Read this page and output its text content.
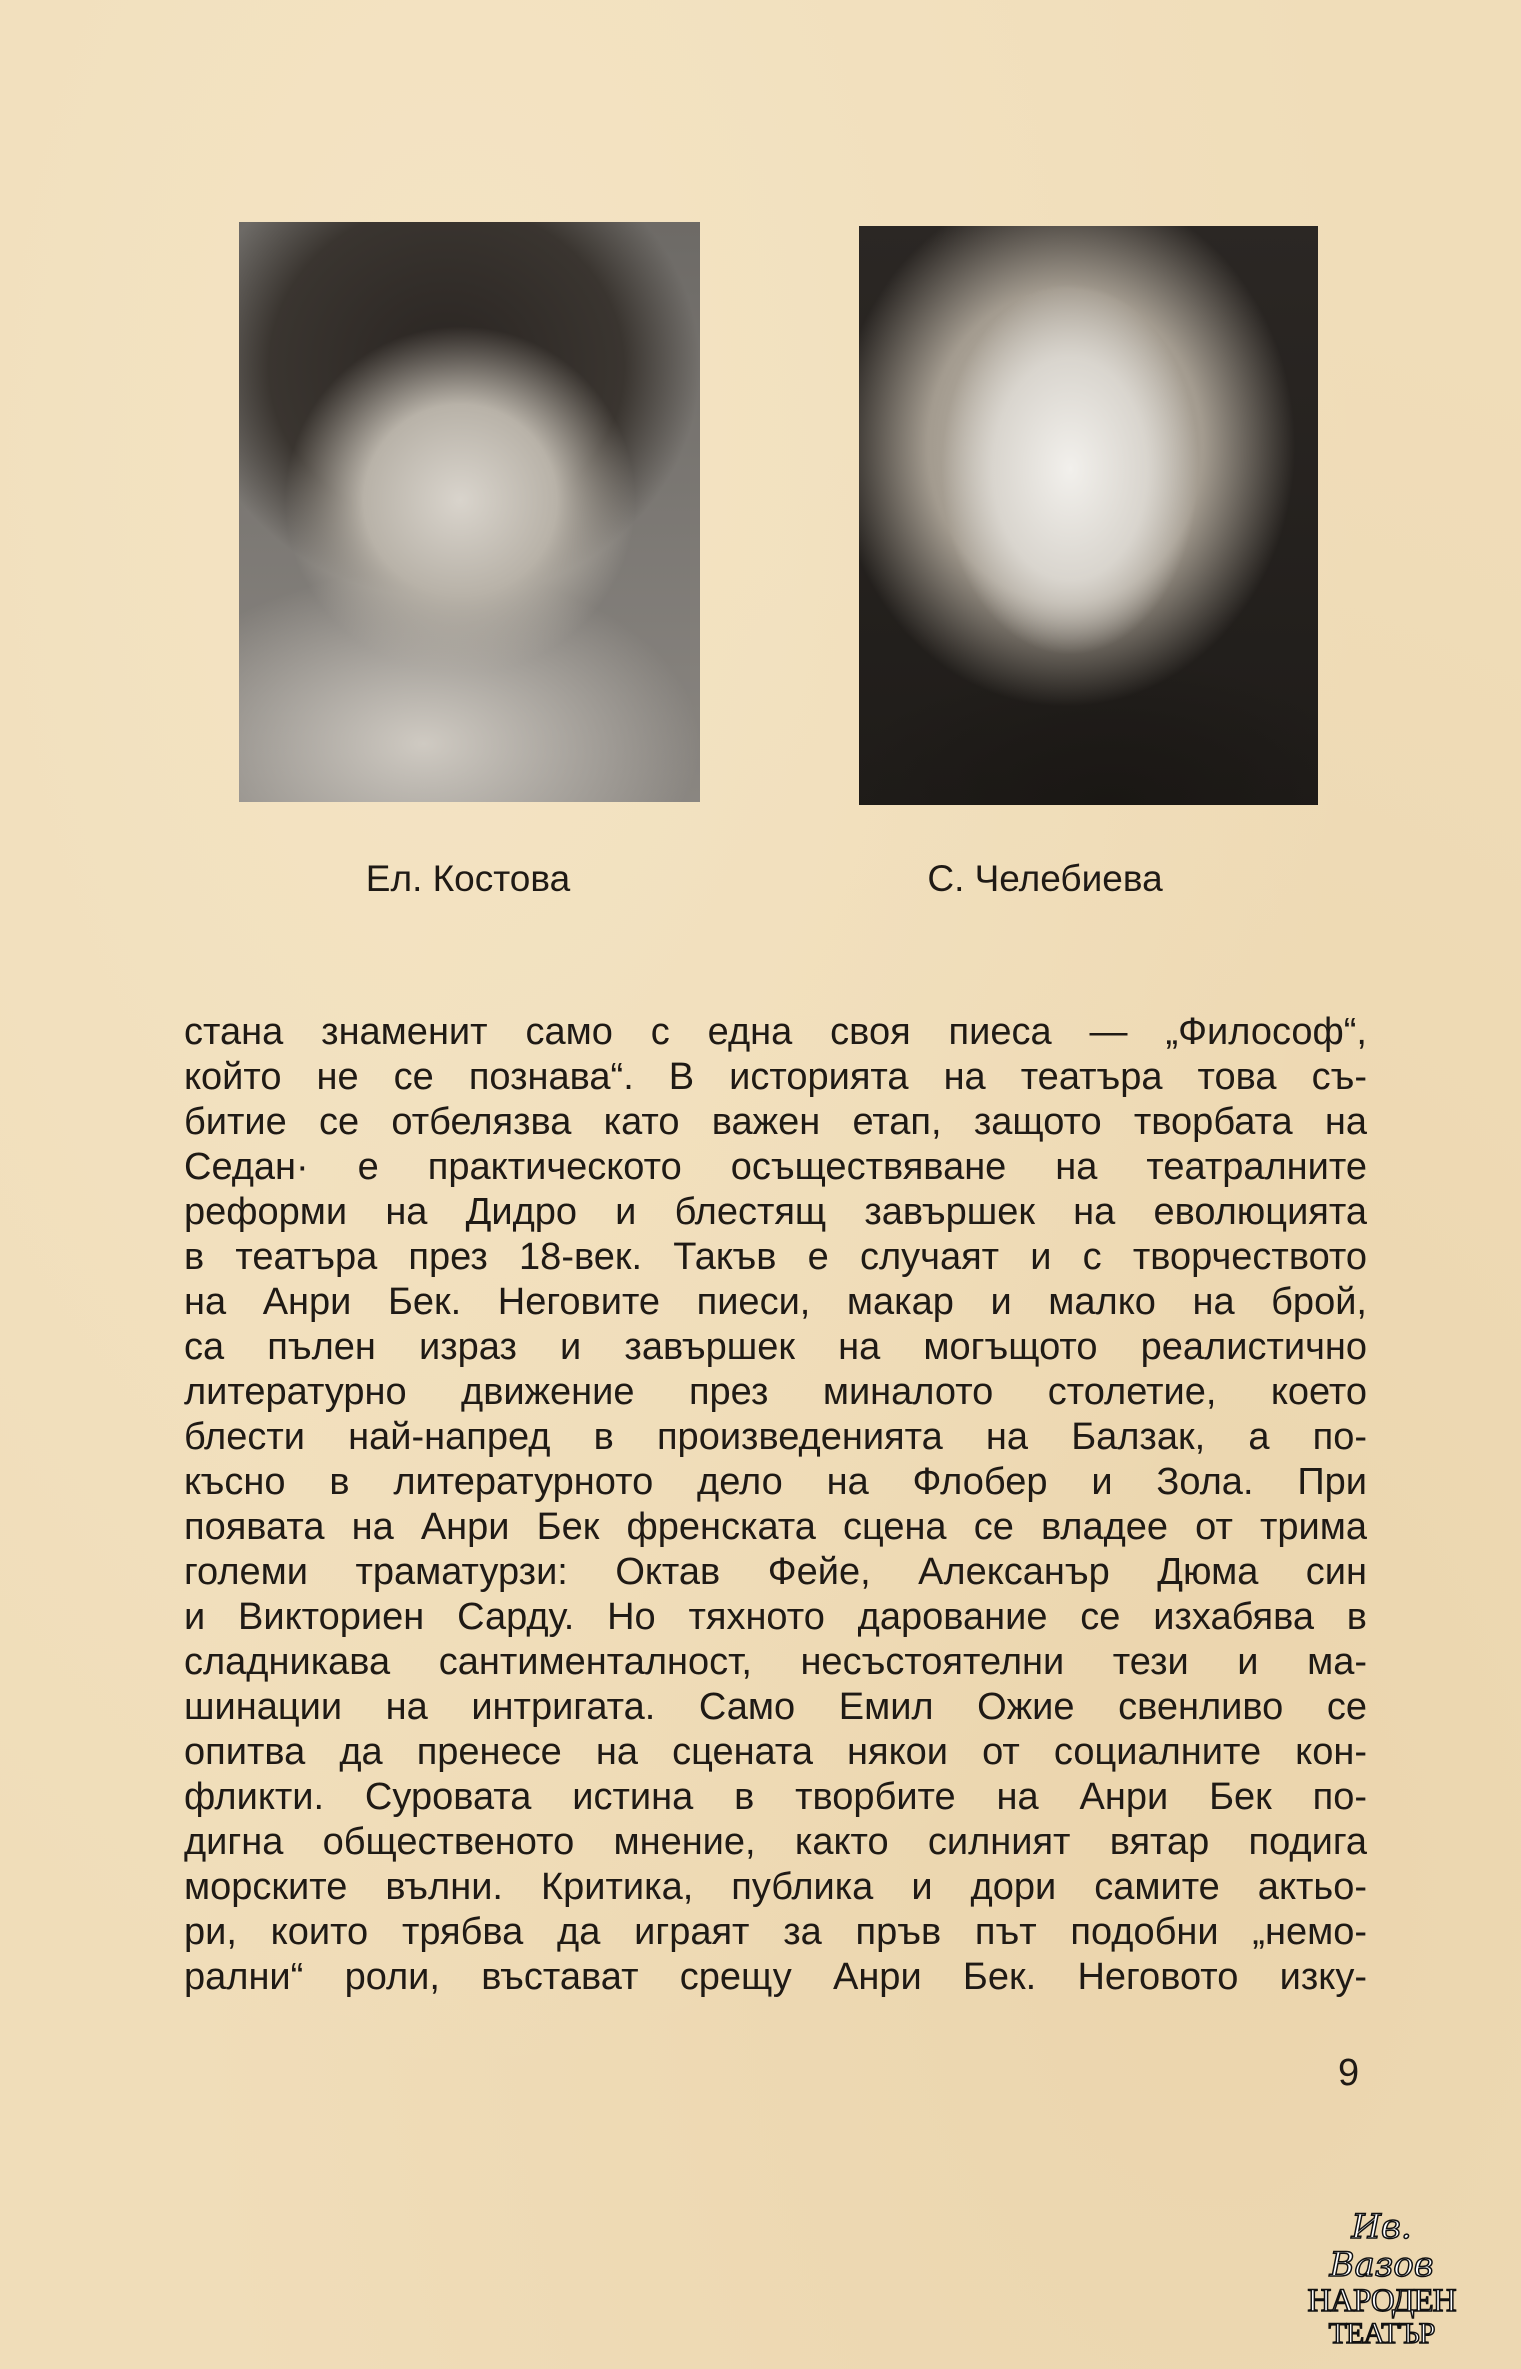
Ел. Костова	С. Челебиева
стана знаменит само с една своя пиеса — „Философ“,
който не се познава“. В историята на театъра това съ-
битие се отбелязва като важен етап, защото творбата на
Седан· е практическото осъществяване на театралните
реформи на Дидро и блестящ завършек на еволюцията
в театъра през 18-век. Такъв е случаят и с творчеството
на Анри Бек. Неговите пиеси, макар и малко на брой,
са пълен израз и завършек на могъщото реалистично
литературно движение през миналото столетие, което
блести най-напред в произведенията на Балзак, а по-
късно в литературното дело на Флобер и Зола. При
появата на Анри Бек френската сцена се владее от трима
големи траматурзи: Октав Фейе, Алексанър Дюма син
и Викториен Сарду. Но тяхното дарование се изхабява в
сладникава сантименталност, несъстоятелни тези и ма-
шинации на интригата. Само Емил Ожие свенливо се
опитва да пренесе на сцената някои от социалните кон-
фликти. Суровата истина в творбите на Анри Бек по-
дигна общественото мнение, както силният вятар подига
морските вълни. Критика, публика и дори самите актьо-
ри, които трябва да играят за пръв път подобни „немо-
рални“ роли, въстават срещу Анри Бек. Неговото изку-
9
Ив. Вазов
НАРОДЕН
ТЕАТЪР
